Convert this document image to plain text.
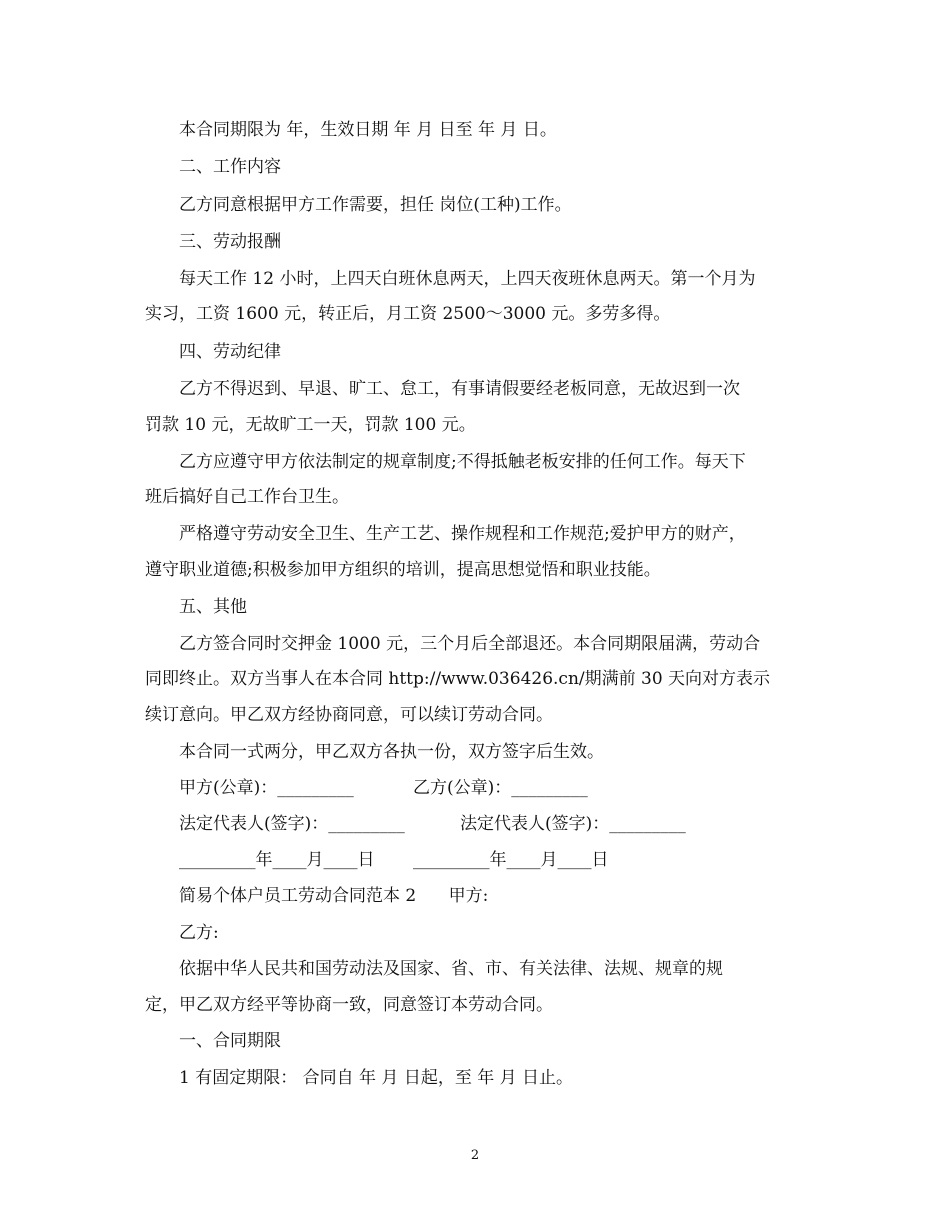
本合同期限为 年，生效日期 年 月 日至 年 月 日。
二、工作内容
乙方同意根据甲方工作需要，担任 岗位(工种)工作。
三、劳动报酬
每天工作 12 小时，上四天白班休息两天，上四天夜班休息两天。第一个月为
实习，工资 1600 元，转正后，月工资 2500～3000 元。多劳多得。
四、劳动纪律
乙方不得迟到、早退、旷工、怠工，有事请假要经老板同意，无故迟到一次
罚款 10 元，无故旷工一天，罚款 100 元。
乙方应遵守甲方依法制定的规章制度;不得抵触老板安排的任何工作。每天下
班后搞好自己工作台卫生。
严格遵守劳动安全卫生、生产工艺、操作规程和工作规范;爱护甲方的财产，
遵守职业道德;积极参加甲方组织的培训，提高思想觉悟和职业技能。
五、其他
乙方签合同时交押金 1000 元，三个月后全部退还。本合同期限届满，劳动合
同即终止。双方当事人在本合同 http://www.036426.cn/期满前 30 天向对方表示
续订意向。甲乙双方经协商同意，可以续订劳动合同。
本合同一式两分，甲乙双方各执一份，双方签字后生效。
甲方(公章)：_________	乙方(公章)：_________
法定代表人(签字)：_________	法定代表人(签字)：_________
_________年____月____日 _________年____月____日
简易个体户员工劳动合同范本 2      甲方:
乙方:
依据中华人民共和国劳动法及国家、省、市、有关法律、法规、规章的规
定，甲乙双方经平等协商一致，同意签订本劳动合同。
一、合同期限
1 有固定期限： 合同自 年 月 日起，至 年 月 日止。
2
